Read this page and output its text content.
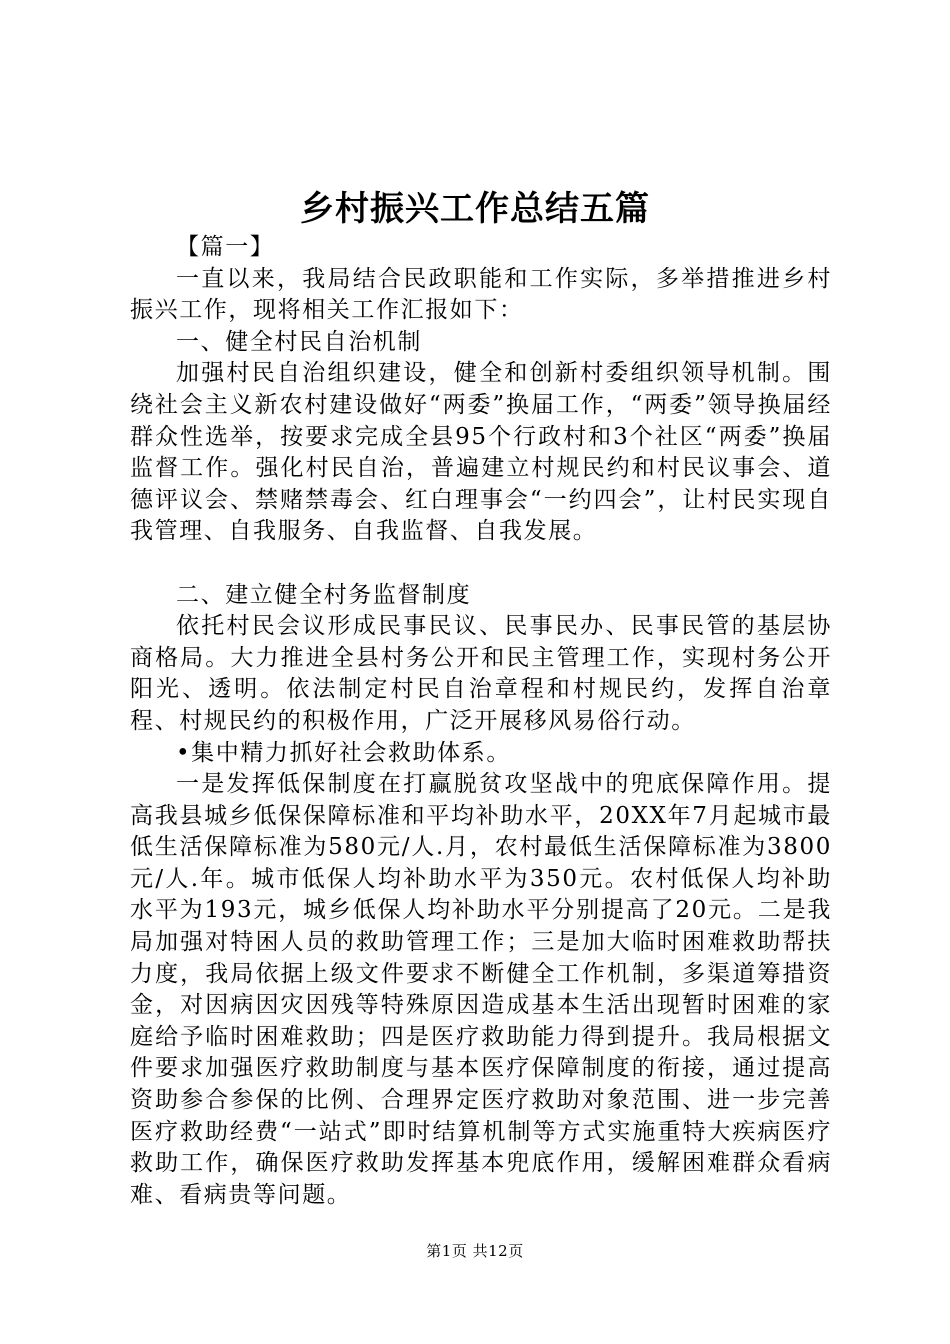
乡村振兴工作总结五篇

【篇一】

一直以来，我局结合民政职能和工作实际，多举措推进乡村振兴工作，现将相关工作汇报如下：

一、健全村民自治机制

加强村民自治组织建设，健全和创新村委组织领导机制。围绕社会主义新农村建设做好“两委”换届工作，“两委”领导换届经群众性选举，按要求完成全县95个行政村和3个社区“两委”换届监督工作。强化村民自治，普遍建立村规民约和村民议事会、道德评议会、禁赌禁毒会、红白理事会“一约四会”，让村民实现自我管理、自我服务、自我监督、自我发展。

二、建立健全村务监督制度

依托村民会议形成民事民议、民事民办、民事民管的基层协商格局。大力推进全县村务公开和民主管理工作，实现村务公开阳光、透明。依法制定村民自治章程和村规民约，发挥自治章程、村规民约的积极作用，广泛开展移风易俗行动。

•集中精力抓好社会救助体系。

一是发挥低保制度在打赢脱贫攻坚战中的兜底保障作用。提高我县城乡低保保障标准和平均补助水平，20XX年7月起城市最低生活保障标准为580元/人.月，农村最低生活保障标准为3800元/人.年。城市低保人均补助水平为350元。农村低保人均补助水平为193元，城乡低保人均补助水平分别提高了20元。二是我局加强对特困人员的救助管理工作；三是加大临时困难救助帮扶力度，我局依据上级文件要求不断健全工作机制，多渠道筹措资金，对因病因灾因残等特殊原因造成基本生活出现暂时困难的家庭给予临时困难救助；四是医疗救助能力得到提升。我局根据文件要求加强医疗救助制度与基本医疗保障制度的衔接，通过提高资助参合参保的比例、合理界定医疗救助对象范围、进一步完善医疗救助经费“一站式”即时结算机制等方式实施重特大疾病医疗救助工作，确保医疗救助发挥基本兜底作用，缓解困难群众看病难、看病贵等问题。

第1页 共12页
